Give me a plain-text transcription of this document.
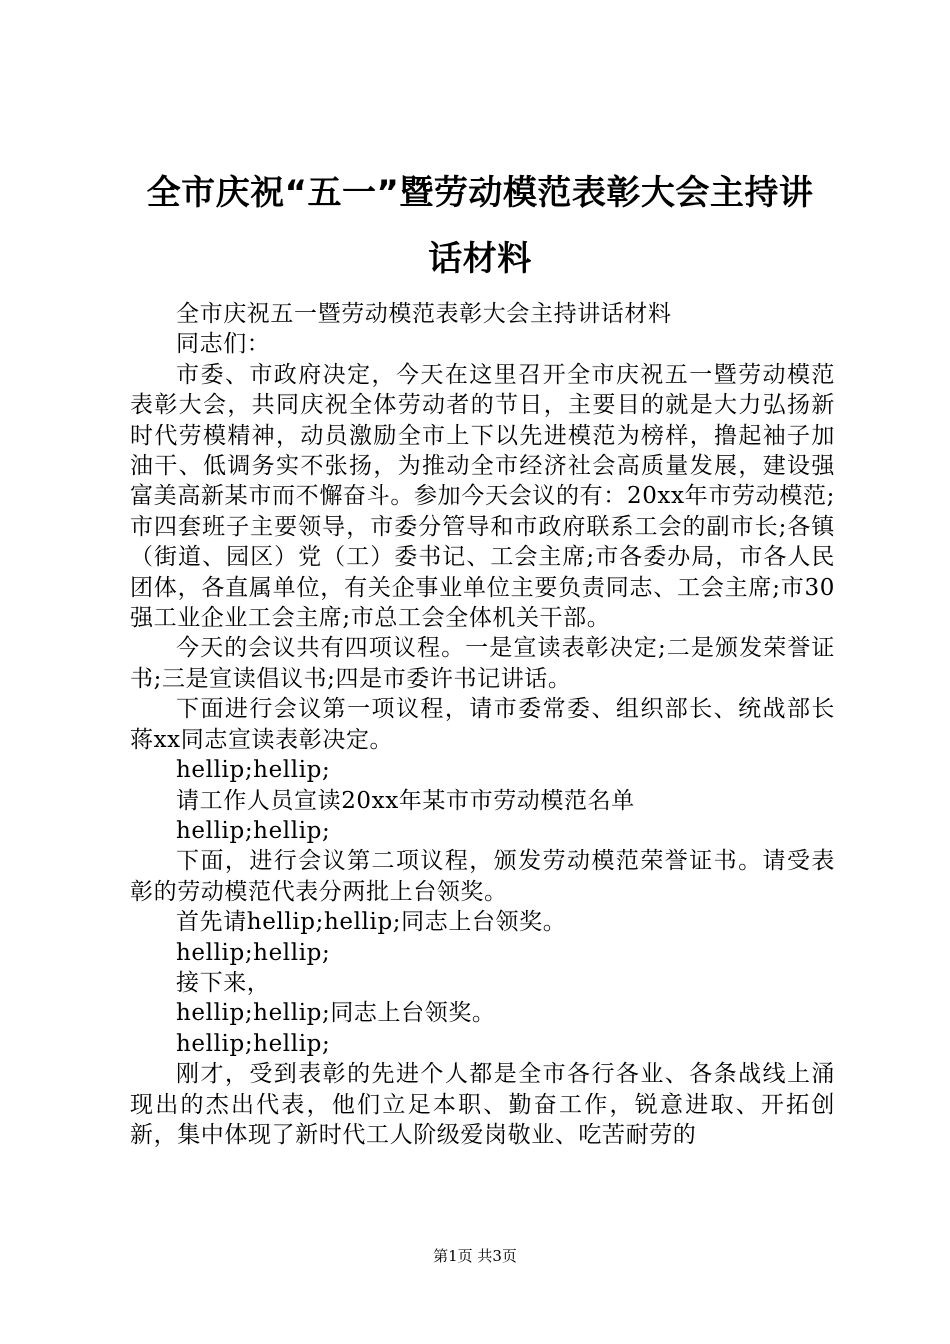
全市庆祝“五一”暨劳动模范表彰大会主持讲
话材料

全市庆祝五一暨劳动模范表彰大会主持讲话材料

同志们：

市委、市政府决定，今天在这里召开全市庆祝五一暨劳动模范表彰大会，共同庆祝全体劳动者的节日，主要目的就是大力弘扬新时代劳模精神，动员激励全市上下以先进模范为榜样，撸起袖子加油干、低调务实不张扬，为推动全市经济社会高质量发展，建设强富美高新某市而不懈奋斗。参加今天会议的有：20xx年市劳动模范;市四套班子主要领导，市委分管导和市政府联系工会的副市长;各镇（街道、园区）党（工）委书记、工会主席;市各委办局，市各人民团体，各直属单位，有关企事业单位主要负责同志、工会主席;市30强工业企业工会主席;市总工会全体机关干部。

今天的会议共有四项议程。一是宣读表彰决定;二是颁发荣誉证书;三是宣读倡议书;四是市委许书记讲话。

下面进行会议第一项议程，请市委常委、组织部长、统战部长蒋xx同志宣读表彰决定。

hellip;hellip;

请工作人员宣读20xx年某市市劳动模范名单

hellip;hellip;

下面，进行会议第二项议程，颁发劳动模范荣誉证书。请受表彰的劳动模范代表分两批上台领奖。

首先请hellip;hellip;同志上台领奖。

hellip;hellip;

接下来，

hellip;hellip;同志上台领奖。

hellip;hellip;

刚才，受到表彰的先进个人都是全市各行各业、各条战线上涌现出的杰出代表，他们立足本职、勤奋工作，锐意进取、开拓创新，集中体现了新时代工人阶级爱岗敬业、吃苦耐劳的

第1页 共3页
